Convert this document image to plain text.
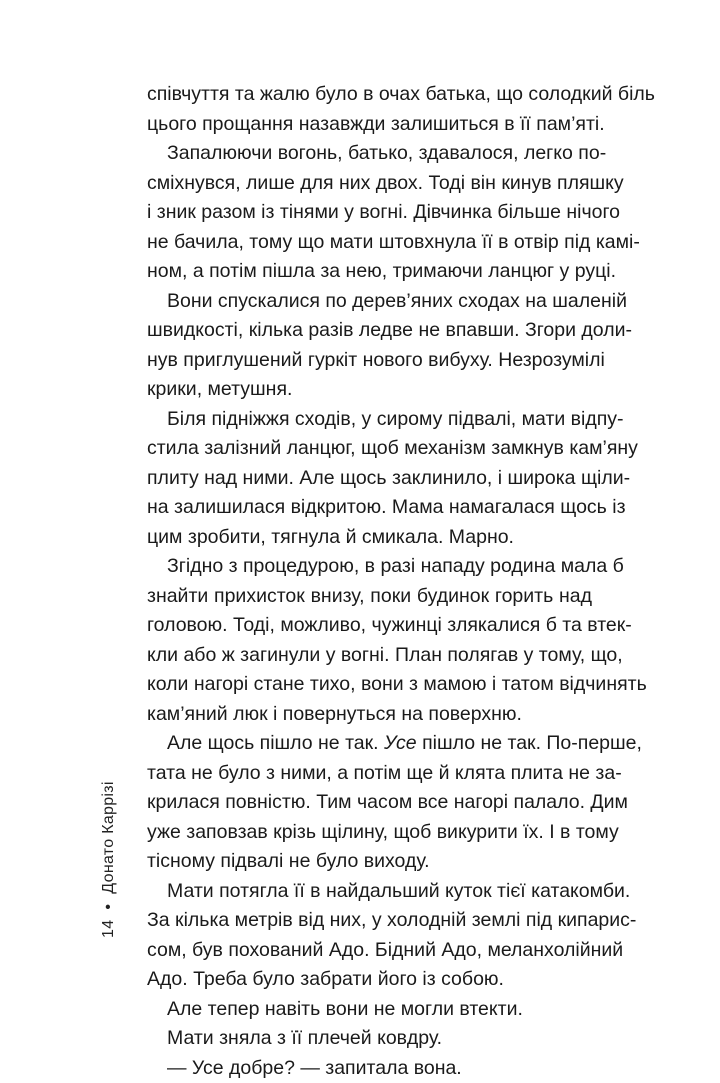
співчуття та жалю було в очах батька, що солодкий біль
цього прощання назавжди залишиться в її пам’яті.
Запалюючи вогонь, батько, здавалося, легко по-
сміхнувся, лише для них двох. Тоді він кинув пляшку
і зник разом із тінями у вогні. Дівчинка більше нічого
не бачила, тому що мати штовхнула її в отвір під камі-
ном, а потім пішла за нею, тримаючи ланцюг у руці.
Вони спускалися по дерев’яних сходах на шаленій
швидкості, кілька разів ледве не впавши. Згори доли-
нув приглушений гуркіт нового вибуху. Незрозумілі
крики, метушня.
Біля підніжжя сходів, у сирому підвалі, мати відпу-
стила залізний ланцюг, щоб механізм замкнув кам’яну
плиту над ними. Але щось заклинило, і широка щіли-
на залишилася відкритою. Мама намагалася щось із
цим зробити, тягнула й смикала. Марно.
Згідно з процедурою, в разі нападу родина мала б
знайти прихисток внизу, поки будинок горить над
головою. Тоді, можливо, чужинці злякалися б та втек-
кли або ж загинули у вогні. План полягав у тому, що,
коли нагорі стане тихо, вони з мамою і татом відчинять
кам’яний люк і повернуться на поверхню.
Але щось пішло не так. Усе пішло не так. По-перше,
тата не було з ними, а потім ще й клята плита не за-
крилася повністю. Тим часом все нагорі палало. Дим
уже заповзав крізь щілину, щоб викурити їх. І в тому
тісному підвалі не було виходу.
Мати потягла її в найдальший куток тієї катакомби.
За кілька метрів від них, у холодній землі під кипарис-
сом, був похований Адо. Бідний Адо, меланхолійний
Адо. Треба було забрати його із собою.
Але тепер навіть вони не могли втекти.
Мати зняла з її плечей ковдру.
— Усе добре? — запитала вона.
14•Донато Каррізі
